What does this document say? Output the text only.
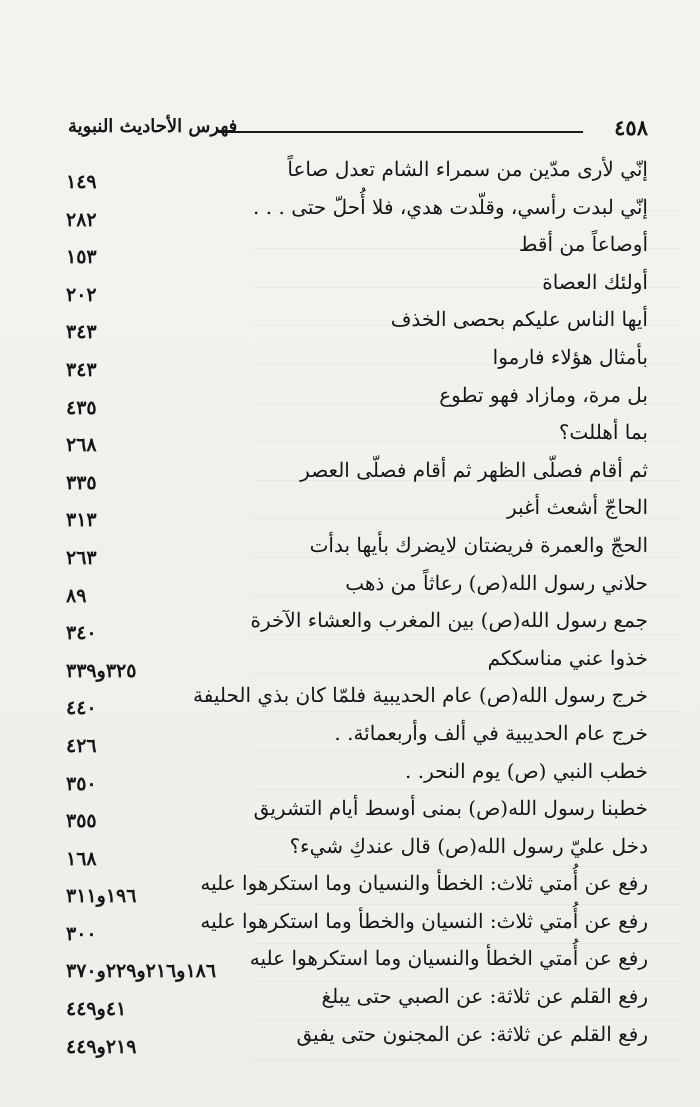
٤٥٨
فهرس الأحاديث النبوية
إنّي لأرى مدّين من سمراء الشام تعدل صاعاً
١٤٩
إنّي لبدت رأسي، وقلّدت هدي، فلا أُحلّ حتى . . .
٢٨٢
أوصاعاً من أقط
١٥٣
أولئك العصاة
٢٠٢
أيها الناس عليكم بحصى الخذف
٣٤٣
بأمثال هؤلاء فارموا
٣٤٣
بل مرة، ومازاد فهو تطوع
٤٣٥
بما أهللت؟
٢٦٨
ثم أقام فصلّى الظهر ثم أقام فصلّى العصر
٣٣٥
الحاجّ أشعث أغبر
٣١٣
الحجّ والعمرة فريضتان لايضرك بأيها بدأت
٢٦٣
حلاني رسول الله(ص) رعاثاً من ذهب
٨٩
جمع رسول الله(ص) بين المغرب والعشاء الآخرة
٣٤٠
خذوا عني مناسككم
٣٢٥و٣٣٩
خرج رسول الله(ص) عام الحديبية فلمّا كان بذي الحليفة
٤٤٠
خرج عام الحديبية في ألف وأربعمائة. .
٤٢٦
خطب النبي (ص) يوم النحر. .
٣٥٠
خطبنا رسول الله(ص) بمنى أوسط أيام التشريق
٣٥٥
دخل عليّ رسول الله(ص) قال عندكِ شيء؟
١٦٨
رفع عن أُمتي ثلاث: الخطأ والنسيان وما استكرهوا عليه
١٩٦و٣١١
رفع عن أُمتي ثلاث: النسيان والخطأ وما استكرهوا عليه
٣٠٠
رفع عن أُمتي الخطأ والنسيان وما استكرهوا عليه
١٨٦و٢١٦و٢٢٩و٣٧٠
رفع القلم عن ثلاثة: عن الصبي حتى يبلغ
٤١و٤٤٩
رفع القلم عن ثلاثة: عن المجنون حتى يفيق
٢١٩و٤٤٩
